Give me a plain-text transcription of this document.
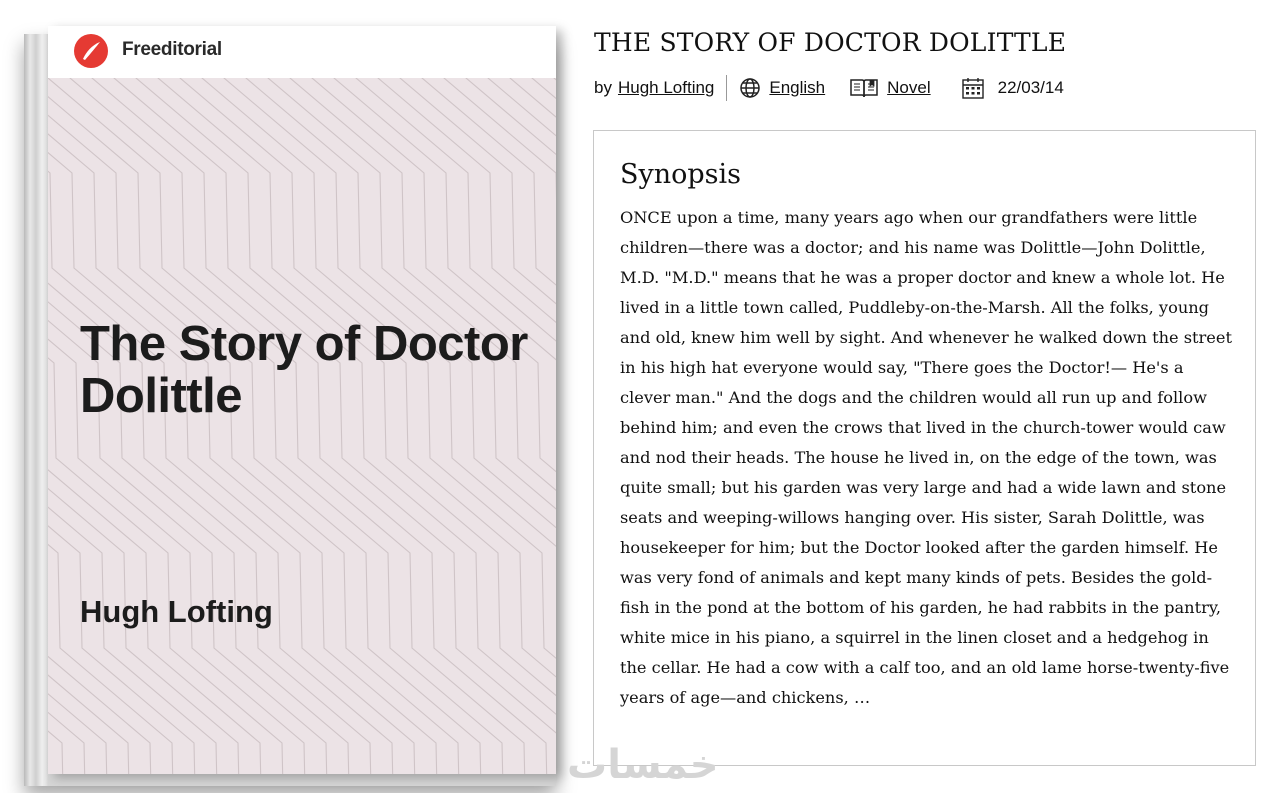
Freeditorial
The Story of Doctor Dolittle
Hugh Lofting
THE STORY OF DOCTOR DOLITTLE
by Hugh Lofting	English	Novel	22/03/14
Synopsis

ONCE upon a time, many years ago when our grandfathers were little children—there was a doctor; and his name was Dolittle—John Dolittle, M.D. "M.D." means that he was a proper doctor and knew a whole lot. He lived in a little town called, Puddleby-on-the-Marsh. All the folks, young and old, knew him well by sight. And whenever he walked down the street in his high hat everyone would say, "There goes the Doctor!— He's a clever man." And the dogs and the children would all run up and follow behind him; and even the crows that lived in the church-tower would caw and nod their heads. The house he lived in, on the edge of the town, was quite small; but his garden was very large and had a wide lawn and stone seats and weeping-willows hanging over. His sister, Sarah Dolittle, was housekeeper for him; but the Doctor looked after the garden himself. He was very fond of animals and kept many kinds of pets. Besides the gold-fish in the pond at the bottom of his garden, he had rabbits in the pantry, white mice in his piano, a squirrel in the linen closet and a hedgehog in the cellar. He had a cow with a calf too, and an old lame horse-twenty-five years of age—and chickens, …

خمسات
